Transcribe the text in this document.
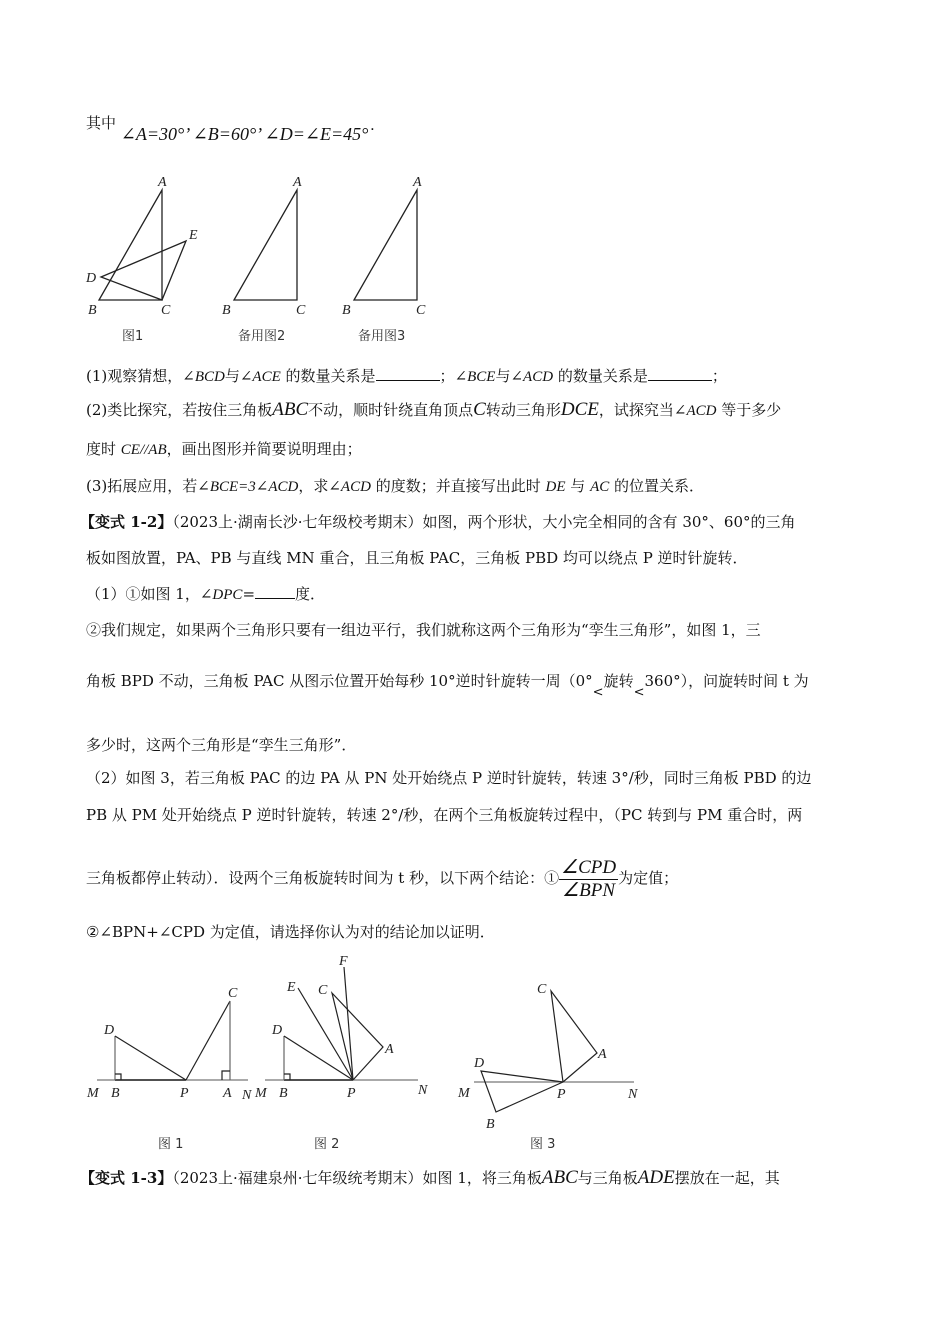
其中 ∠A=30°’ ∠B=60°’ ∠D=∠E=45°˙
A
E
D
B	C
A
B	C
A
B	C
图1	备用图2	备用图3
(1)观察猜想，∠BCD与∠ACE 的数量关系是	；∠BCE与∠ACD 的数量关系是	；
(2)类比探究，若按住三角板ABC不动，顺时针绕直角顶点C转动三角形DCE，试探究当∠ACD 等于多少
度时 CE//AB，画出图形并简要说明理由；
(3)拓展应用，若∠BCE=3∠ACD，求∠ACD 的度数；并直接写出此时 DE 与 AC 的位置关系．
【变式 1-2】（2023上·湖南长沙·七年级校考期末）如图，两个形状，大小完全相同的含有 30°、60°的三角
板如图放置，PA、PB 与直线 MN 重合，且三角板 PAC，三角板 PBD 均可以绕点 P 逆时针旋转．
（1）①如图 1，∠DPC=	度．
②我们规定，如果两个三角形只要有一组边平行，我们就称这两个三角形为“孪生三角形”，如图 1，三
角板 BPD 不动，三角板 PAC 从图示位置开始每秒 10°逆时针旋转一周（0°<旋转<360°），问旋转时间 t 为
多少时，这两个三角形是“孪生三角形”．
（2）如图 3，若三角板 PAC 的边 PA 从 PN 处开始绕点 P 逆时针旋转，转速 3°/秒，同时三角板 PBD 的边
PB 从 PM 处开始绕点 P 逆时针旋转，转速 2°/秒，在两个三角板旋转过程中，（PC 转到与 PM 重合时，两
三角板都停止转动）．设两个三角板旋转时间为 t 秒，以下两个结论：① $\frac{\text{∠CPD}}{\text{∠BPN}}$ 为定值；
②∠BPN+∠CPD 为定值，请选择你认为对的结论加以证明．
M B	P A N
C
D
M B	P	N
D
E C
F
A
M	P	N
C
A
D
B
图 1	图 2	图 3
【变式 1-3】（2023上·福建泉州·七年级统考期末）如图 1，将三角板ABC与三角板ADE摆放在一起，其
